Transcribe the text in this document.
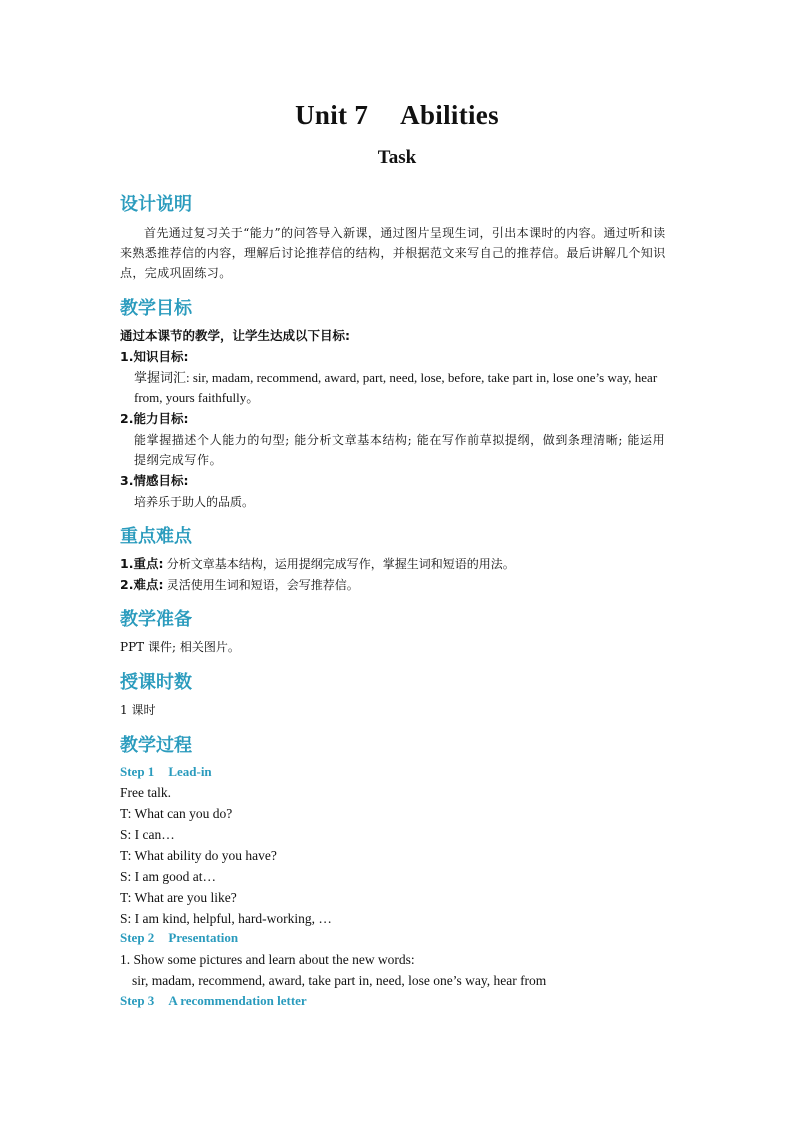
Unit 7 Abilities
Task
设计说明
首先通过复习关于“能力”的问答导入新课，通过图片呈现生词，引出本课时的内容。通过听和读来熟悉推荐信的内容，理解后讨论推荐信的结构，并根据范文来写自己的推荐信。最后讲解几个知识点，完成巩固练习。
教学目标
通过本课节的教学，让学生达成以下目标:
1.知识目标:
掌握词汇: sir, madam, recommend, award, part, need, lose, before, take part in, lose one’s way, hear from, yours faithfully。
2.能力目标:
能掌握描述个人能力的句型; 能分析文章基本结构; 能在写作前草拟提纲，做到条理清晰; 能运用提纲完成写作。
3.情感目标:
培养乐于助人的品质。
重点难点
1.重点: 分析文章基本结构，运用提纲完成写作，掌握生词和短语的用法。
2.难点: 灵活使用生词和短语，会写推荐信。
教学准备
PPT 课件; 相关图片。
授课时数
1 课时
教学过程
Step 1 Lead-in
Free talk.
T: What can you do?
S: I can…
T: What ability do you have?
S: I am good at…
T: What are you like?
S: I am kind, helpful, hard-working, …
Step 2 Presentation
1. Show some pictures and learn about the new words:
sir, madam, recommend, award, take part in, need, lose one’s way, hear from
Step 3 A recommendation letter
